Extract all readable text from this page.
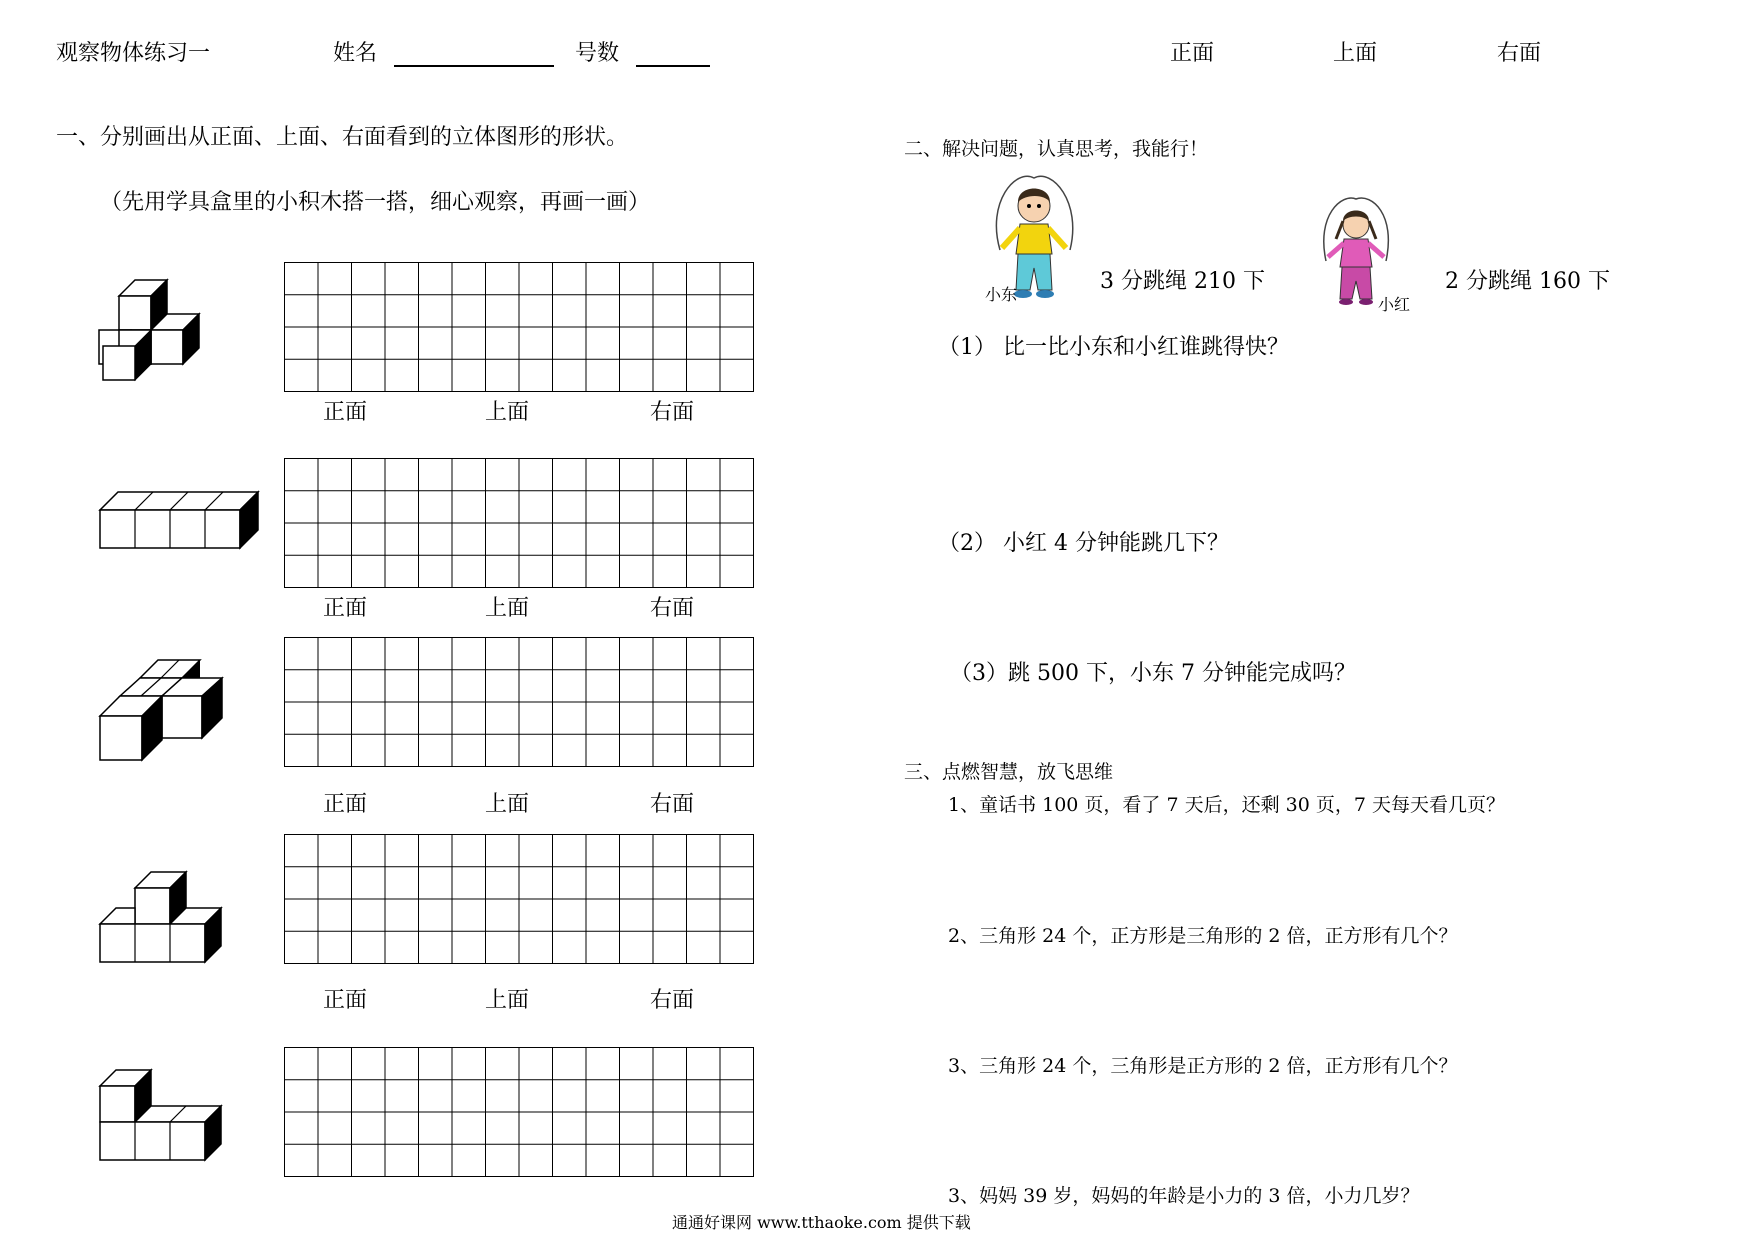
观察物体练习一	姓名	号数	正面	上面	右面
一、分别画出从正面、上面、右面看到的立体图形的形状。
（先用学具盒里的小积木搭一搭，细心观察，再画一画）
正面	上面	右面
正面	上面	右面
正面	上面	右面
正面	上面	右面
二、解决问题，认真思考，我能行！
小东
3 分跳绳 210 下
小红
2 分跳绳 160 下
（1） 比一比小东和小红谁跳得快？
（2） 小红 4 分钟能跳几下？
（3）跳 500 下，小东 7 分钟能完成吗？
三、点燃智慧，放飞思维
1、童话书 100 页，看了 7 天后，还剩 30 页，7 天每天看几页？
2、三角形 24 个，正方形是三角形的 2 倍，正方形有几个？
3、三角形 24 个，三角形是正方形的 2 倍，正方形有几个？
3、妈妈 39 岁，妈妈的年龄是小力的 3 倍，小力几岁？
通通好课网 www.tthaoke.com 提供下载
